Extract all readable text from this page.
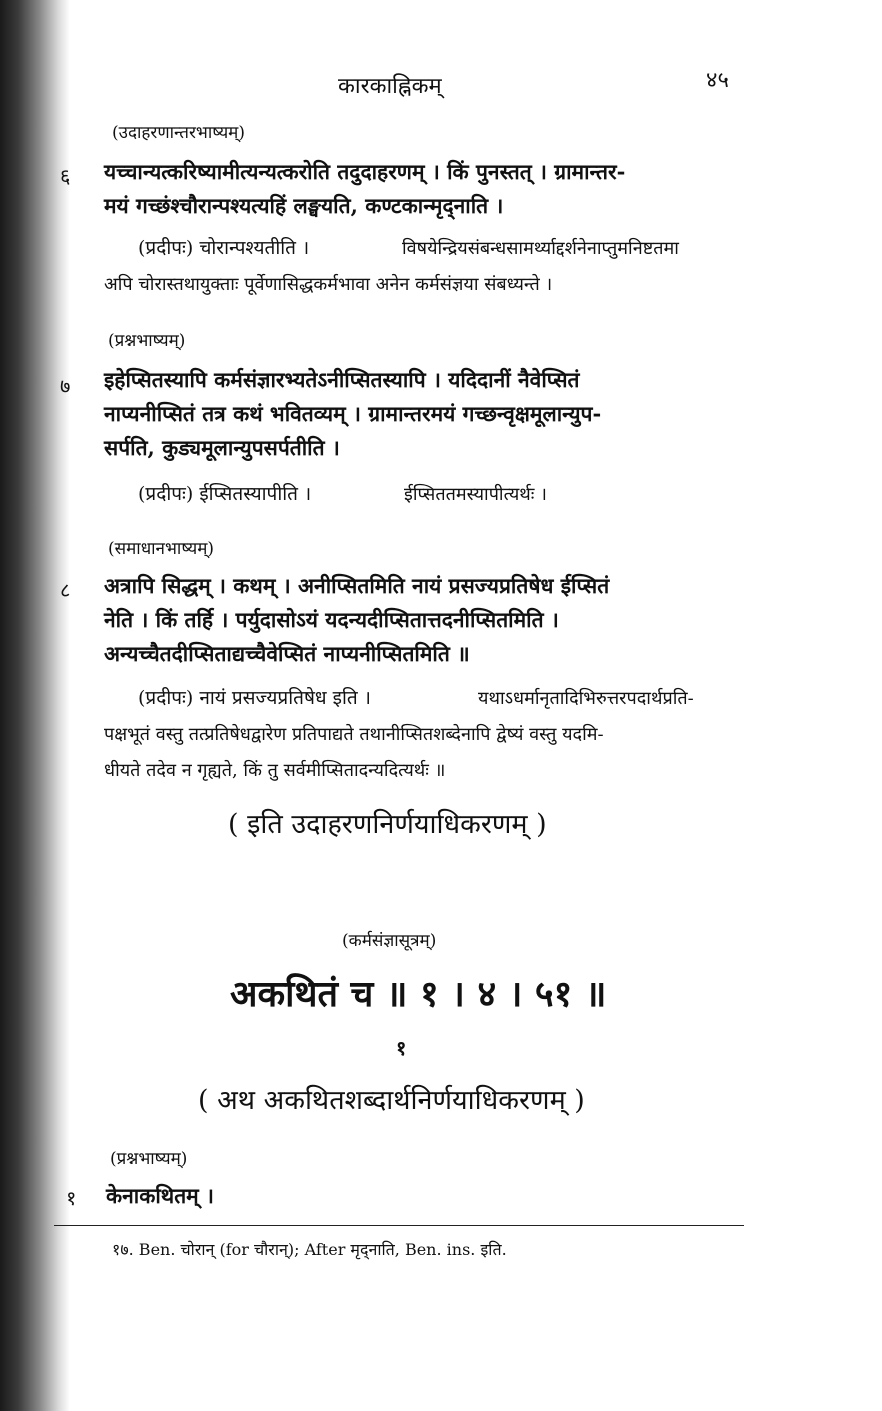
कारकाह्निकम्	४५
(उदाहरणान्तरभाष्यम्)
६ यच्चान्यत्करिष्यामीत्यन्यत्करोति तदुदाहरणम् । किं पुनस्तत् । ग्रामान्तर-
मयं गच्छंश्चौरान्पश्यत्यहिं लङ्घयति, कण्टकान्मृद्नाति ।
(प्रदीपः) चोरान्पश्यतीति ।	विषयेन्द्रियसंबन्धसामर्थ्याद्दर्शनेनाप्तुमनिष्टतमा
अपि चोरास्तथायुक्ताः पूर्वेणासिद्धकर्मभावा अनेन कर्मसंज्ञया संबध्यन्ते ।
(प्रश्नभाष्यम्)
७ इहेप्सितस्यापि कर्मसंज्ञारभ्यतेऽनीप्सितस्यापि । यदिदानीं नैवेप्सितं
नाप्यनीप्सितं तत्र कथं भवितव्यम् । ग्रामान्तरमयं गच्छन्वृक्षमूलान्युप-
सर्पति, कुड्यमूलान्युपसर्पतीति ।
(प्रदीपः) ईप्सितस्यापीति ।	ईप्सिततमस्यापीत्यर्थः ।
(समाधानभाष्यम्)
८ अत्रापि सिद्धम् । कथम् । अनीप्सितमिति नायं प्रसज्यप्रतिषेध ईप्सितं
नेति । किं तर्हि । पर्युदासोऽयं यदन्यदीप्सितात्तदनीप्सितमिति ।
अन्यच्चैतदीप्सिताद्यच्चैवेप्सितं नाप्यनीप्सितमिति ॥
(प्रदीपः) नायं प्रसज्यप्रतिषेध इति ।	यथाऽधर्मानृतादिभिरुत्तरपदार्थप्रति-
पक्षभूतं वस्तु तत्प्रतिषेधद्वारेण प्रतिपाद्यते तथानीप्सितशब्देनापि द्वेष्यं वस्तु यदमि-
धीयते तदेव न गृह्यते, किं तु सर्वमीप्सितादन्यदित्यर्थः ॥
( इति उदाहरणनिर्णयाधिकरणम् )
(कर्मसंज्ञासूत्रम्)
अकथितं च ॥ १ । ४ । ५१ ॥
१
( अथ अकथितशब्दार्थनिर्णयाधिकरणम् )
(प्रश्नभाष्यम्)
१ केनाकथितम् ।
१७. Ben. चोरान् (for चौरान्); After मृद्नाति, Ben. ins. इति.
